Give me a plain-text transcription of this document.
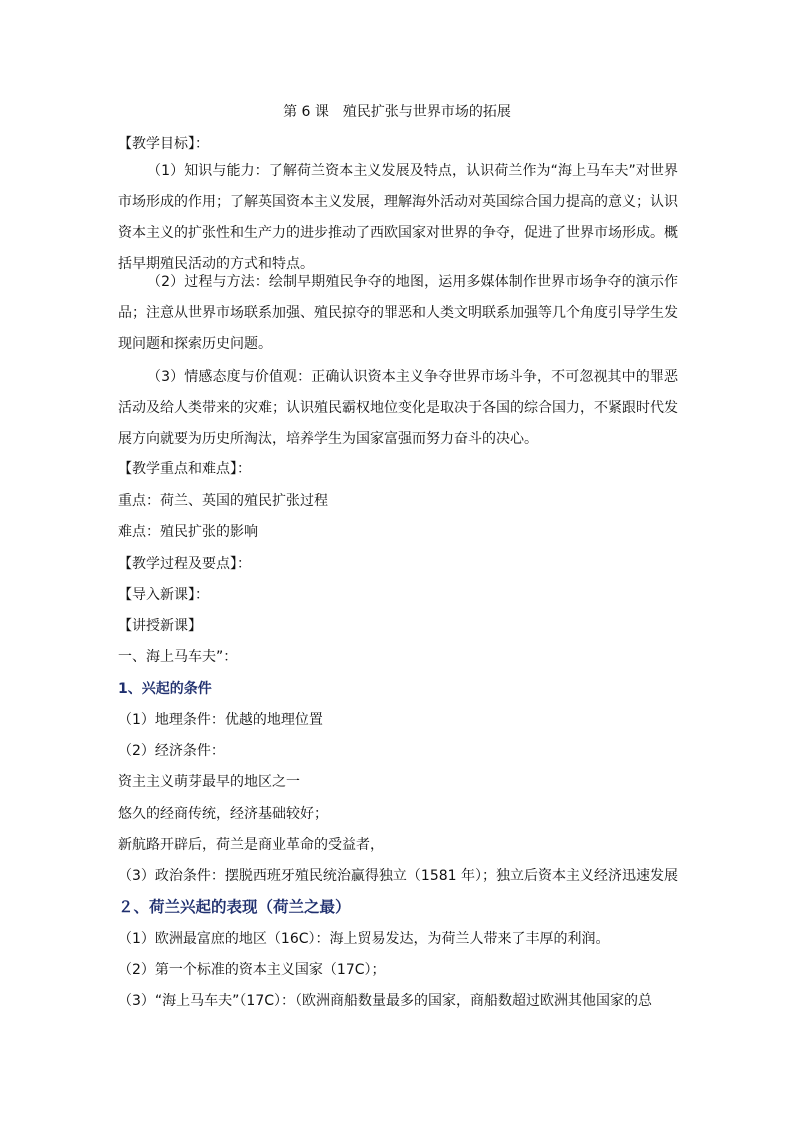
第 6 课　殖民扩张与世界市场的拓展
【教学目标】：
（1）知识与能力：了解荷兰资本主义发展及特点，认识荷兰作为“海上马车夫”对世界市场形成的作用；了解英国资本主义发展，理解海外活动对英国综合国力提高的意义；认识资本主义的扩张性和生产力的进步推动了西欧国家对世界的争夺，促进了世界市场形成。概括早期殖民活动的方式和特点。
（2）过程与方法：绘制早期殖民争夺的地图，运用多媒体制作世界市场争夺的演示作品；注意从世界市场联系加强、殖民掠夺的罪恶和人类文明联系加强等几个角度引导学生发现问题和探索历史问题。
（3）情感态度与价值观：正确认识资本主义争夺世界市场斗争，不可忽视其中的罪恶活动及给人类带来的灾难；认识殖民霸权地位变化是取决于各国的综合国力，不紧跟时代发展方向就要为历史所淘汰，培养学生为国家富强而努力奋斗的决心。
【教学重点和难点】：
重点：荷兰、英国的殖民扩张过程
难点：殖民扩张的影响
【教学过程及要点】：
【导入新课】：
【讲授新课】
一、海上马车夫”：
1、兴起的条件
（1）地理条件：优越的地理位置
（2）经济条件：
资主主义萌芽最早的地区之一
悠久的经商传统，经济基础较好；
新航路开辟后，荷兰是商业革命的受益者，
（3）政治条件：摆脱西班牙殖民统治赢得独立（1581 年）；独立后资本主义经济迅速发展
２、荷兰兴起的表现（荷兰之最）
（1）欧洲最富庶的地区（16C）：海上贸易发达，为荷兰人带来了丰厚的利润。
（2）第一个标准的资本主义国家（17C）；
（3）“海上马车夫”（17C）：（欧洲商船数量最多的国家，商船数超过欧洲其他国家的总
